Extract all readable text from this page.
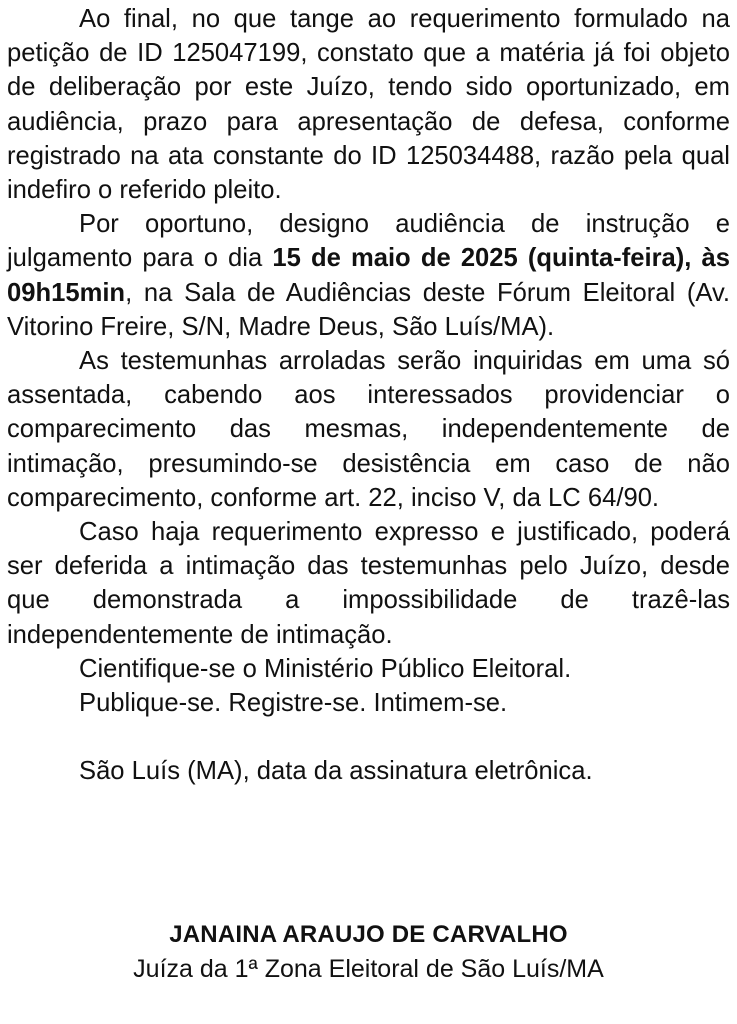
Ao final, no que tange ao requerimento formulado na petição de ID 125047199, constato que a matéria já foi objeto de deliberação por este Juízo, tendo sido oportunizado, em audiência, prazo para apresentação de defesa, conforme registrado na ata constante do ID 125034488, razão pela qual indefiro o referido pleito.

Por oportuno, designo audiência de instrução e julgamento para o dia 15 de maio de 2025 (quinta-feira), às 09h15min, na Sala de Audiências deste Fórum Eleitoral (Av. Vitorino Freire, S/N, Madre Deus, São Luís/MA).

As testemunhas arroladas serão inquiridas em uma só assentada, cabendo aos interessados providenciar o comparecimento das mesmas, independentemente de intimação, presumindo-se desistência em caso de não comparecimento, conforme art. 22, inciso V, da LC 64/90.

Caso haja requerimento expresso e justificado, poderá ser deferida a intimação das testemunhas pelo Juízo, desde que demonstrada a impossibilidade de trazê-las independentemente de intimação.

Cientifique-se o Ministério Público Eleitoral.

Publique-se. Registre-se. Intimem-se.

São Luís (MA), data da assinatura eletrônica.

JANAINA ARAUJO DE CARVALHO
Juíza da 1ª Zona Eleitoral de São Luís/MA
